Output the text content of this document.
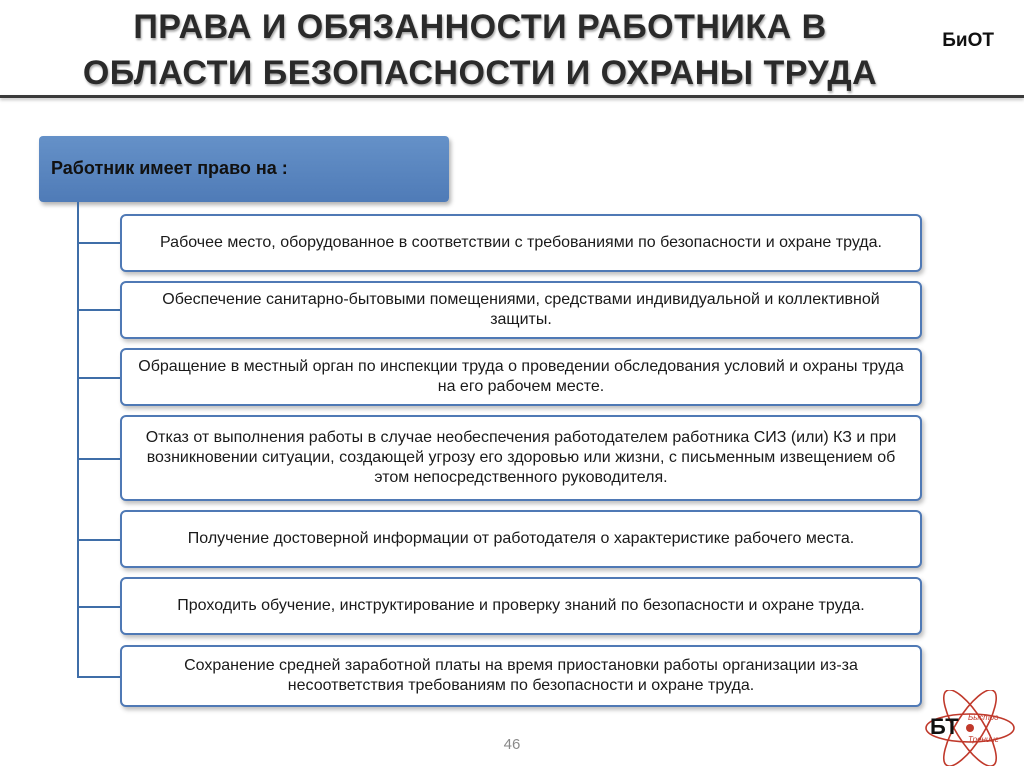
ПРАВА И ОБЯЗАННОСТИ РАБОТНИКА В
ОБЛАСТИ БЕЗОПАСНОСТИ И ОХРАНЫ ТРУДА
БиОТ
Работник имеет право на :
Рабочее место, оборудованное в соответствии с требованиями по безопасности и охране труда.
Обеспечение санитарно-бытовыми помещениями, средствами индивидуальной и коллективной защиты.
Обращение в местный орган по инспекции труда о проведении обследования условий и охраны труда на его рабочем месте.
Отказ от выполнения работы в случае необеспечения работодателем работника СИЗ (или) КЗ и при возникновении ситуации, создающей угрозу его здоровью или жизни, с письменным извещением об этом непосредственного руководителя.
Получение достоверной информации от работодателя о характеристике рабочего места.
Проходить обучение, инструктирование и проверку знаний по безопасности и охране труда.
Сохранение средней заработной платы на время приостановки работы организации из-за несоответствия требованиям по безопасности и охране труда.
46
БТ Быстро
Тренинг
